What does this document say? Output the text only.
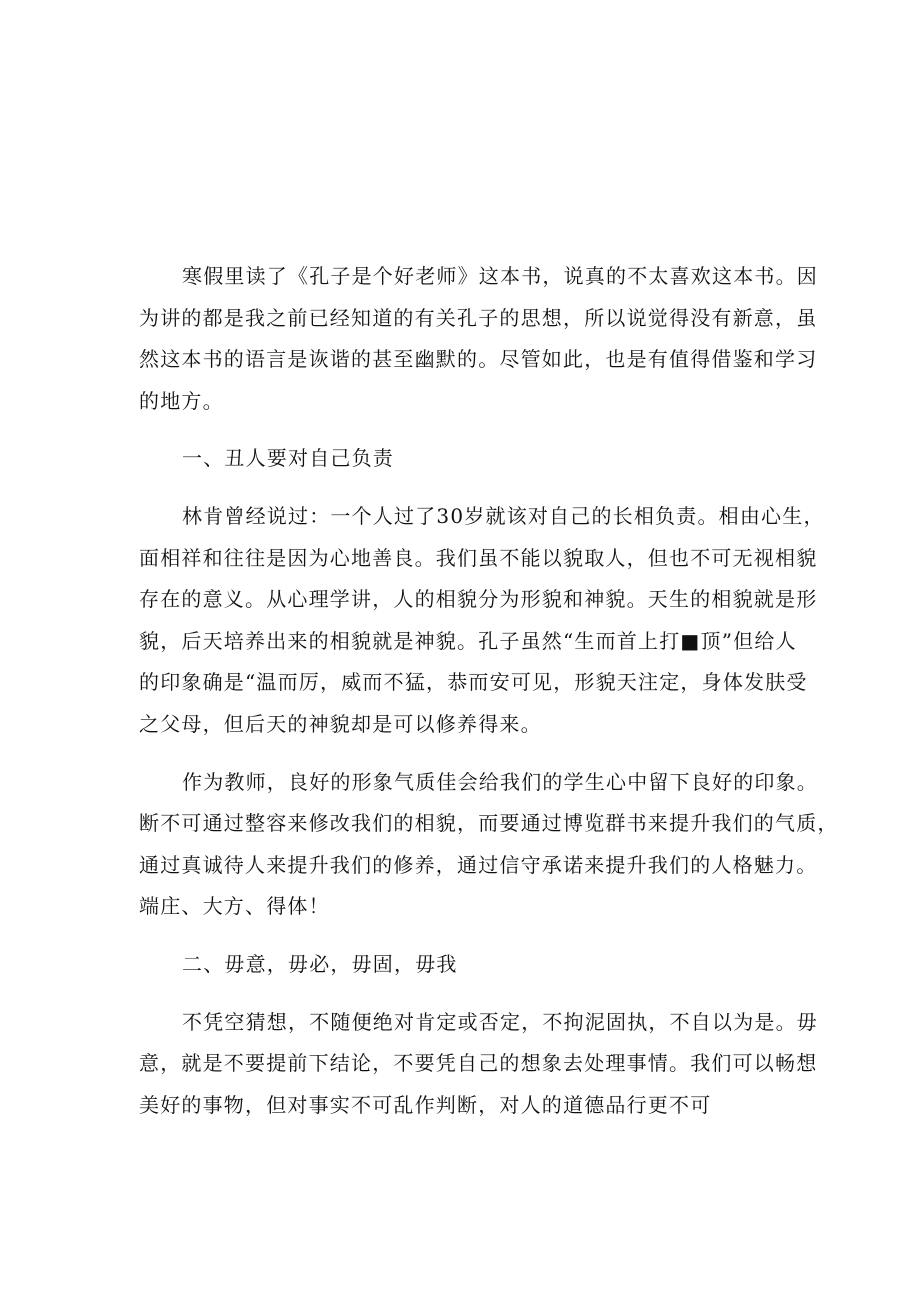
寒假里读了《孔子是个好老师》这本书，说真的不太喜欢这本书。因
为讲的都是我之前已经知道的有关孔子的思想，所以说觉得没有新意，虽
然这本书的语言是诙谐的甚至幽默的。尽管如此，也是有值得借鉴和学习
的地方。
一、丑人要对自己负责
林肯曾经说过：一个人过了30岁就该对自己的长相负责。相由心生，
面相祥和往往是因为心地善良。我们虽不能以貌取人，但也不可无视相貌
存在的意义。从心理学讲，人的相貌分为形貌和神貌。天生的相貌就是形
貌，后天培养出来的相貌就是神貌。孔子虽然“生而首上打■顶”但给人
的印象确是“温而厉，威而不猛，恭而安可见，形貌天注定，身体发肤受
之父母，但后天的神貌却是可以修养得来。
作为教师，良好的形象气质佳会给我们的学生心中留下良好的印象。
断不可通过整容来修改我们的相貌，而要通过博览群书来提升我们的气质，
通过真诚待人来提升我们的修养，通过信守承诺来提升我们的人格魅力。
端庄、大方、得体！
二、毋意，毋必，毋固，毋我
不凭空猜想，不随便绝对肯定或否定，不拘泥固执，不自以为是。毋
意，就是不要提前下结论，不要凭自己的想象去处理事情。我们可以畅想
美好的事物，但对事实不可乱作判断，对人的道德品行更不可
